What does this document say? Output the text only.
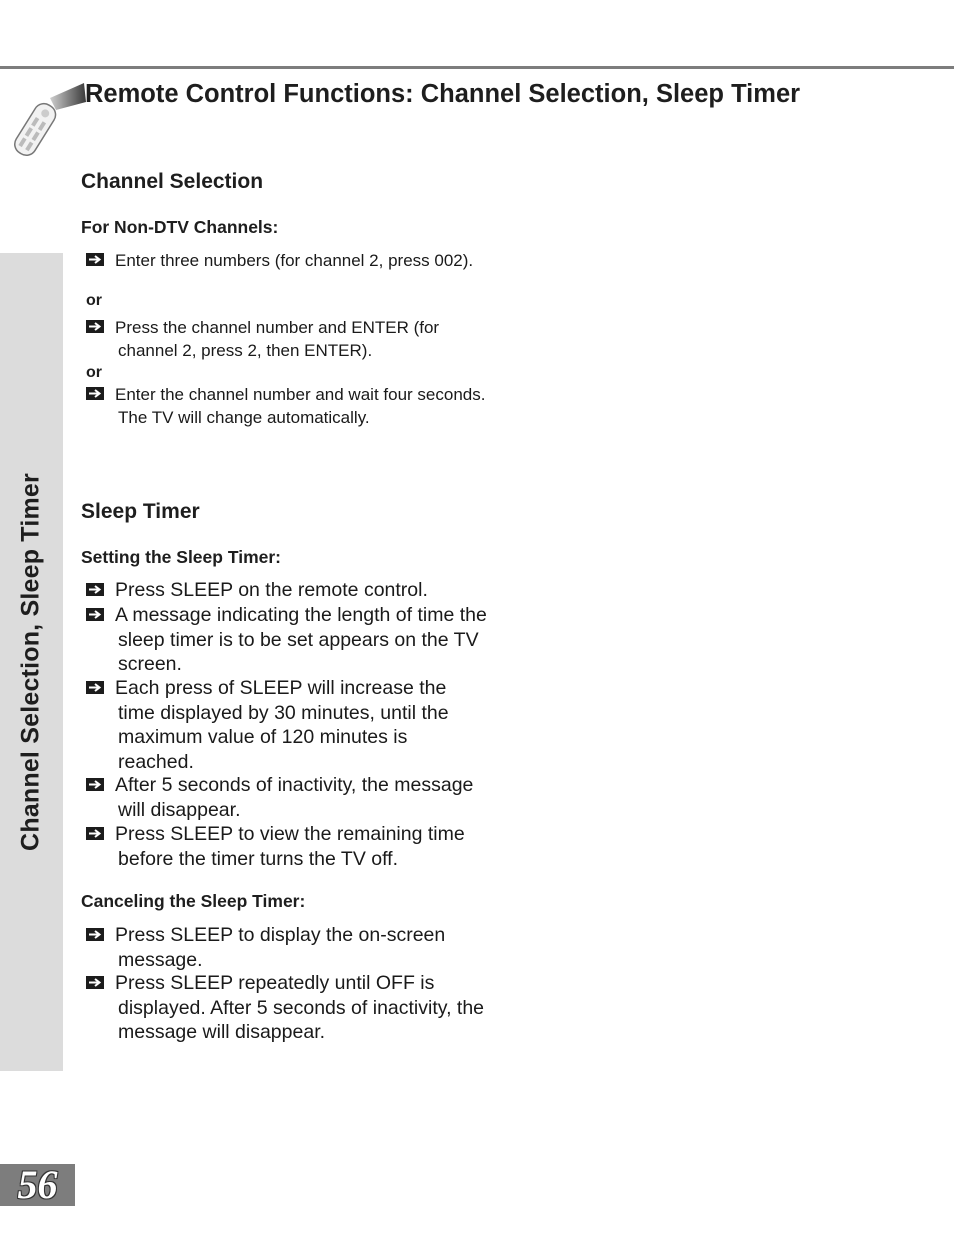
Remote Control Functions: Channel Selection, Sleep Timer
Channel Selection, Sleep Timer
Channel Selection
For Non-DTV Channels:
Enter three numbers (for channel 2, press 002).
or
Press the channel number and ENTER (for channel 2, press 2, then ENTER).
or
Enter the channel number and wait four seconds. The TV will change automatically.
Sleep Timer
Setting the Sleep Timer:
Press SLEEP on the remote control.
A message indicating the length of time the sleep timer is to be set appears on the TV screen.
Each press of SLEEP will increase the time displayed by 30 minutes, until the maximum value of 120 minutes is reached.
After 5 seconds of inactivity, the message will disappear.
Press SLEEP to view the remaining time before the timer turns the TV off.
Canceling the Sleep Timer:
Press SLEEP to display the on-screen message.
Press SLEEP repeatedly until OFF is displayed. After 5 seconds of inactivity, the message will disappear.
56
